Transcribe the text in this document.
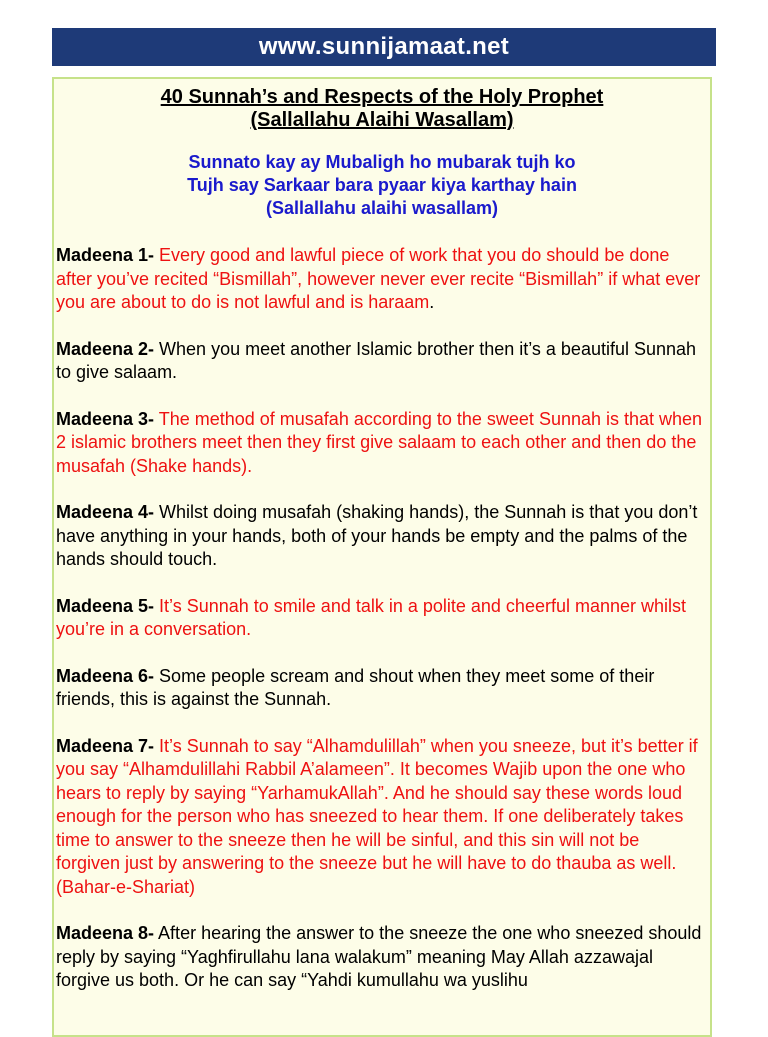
www.sunnijamaat.net
40 Sunnah’s and Respects of the Holy Prophet
(Sallallahu Alaihi Wasallam)
Sunnato kay ay Mubaligh ho mubarak tujh ko
Tujh say Sarkaar bara pyaar kiya karthay hain
(Sallallahu alaihi wasallam)
Madeena 1- Every good and lawful piece of work that you do should be done after you’ve recited “Bismillah”, however never ever recite “Bismillah” if what ever you are about to do is not lawful and is haraam.
Madeena 2- When you meet another Islamic brother then it’s a beautiful Sunnah to give salaam.
Madeena 3- The method of musafah according to the sweet Sunnah is that when 2 islamic brothers meet then they first give salaam to each other and then do the musafah (Shake hands).
Madeena 4- Whilst doing musafah (shaking hands), the Sunnah is that you don’t have anything in your hands, both of your hands be empty and the palms of the hands should touch.
Madeena 5- It’s Sunnah to smile and talk in a polite and cheerful manner whilst you’re in a conversation.
Madeena 6- Some people scream and shout when they meet some of their friends, this is against the Sunnah.
Madeena 7- It’s Sunnah to say “Alhamdulillah” when you sneeze, but it’s better if you say “Alhamdulillahi Rabbil A’alameen”. It becomes Wajib upon the one who hears to reply by saying “YarhamukAllah”. And he should say these words loud enough for the person who has sneezed to hear them. If one deliberately takes time to answer to the sneeze then he will be sinful, and this sin will not be forgiven just by answering to the sneeze but he will have to do thauba as well. (Bahar-e-Shariat)
Madeena 8- After hearing the answer to the sneeze the one who sneezed should reply by saying “Yaghfirullahu lana walakum” meaning May Allah azzawajal forgive us both. Or he can say “Yahdi kumullahu wa yuslihu
